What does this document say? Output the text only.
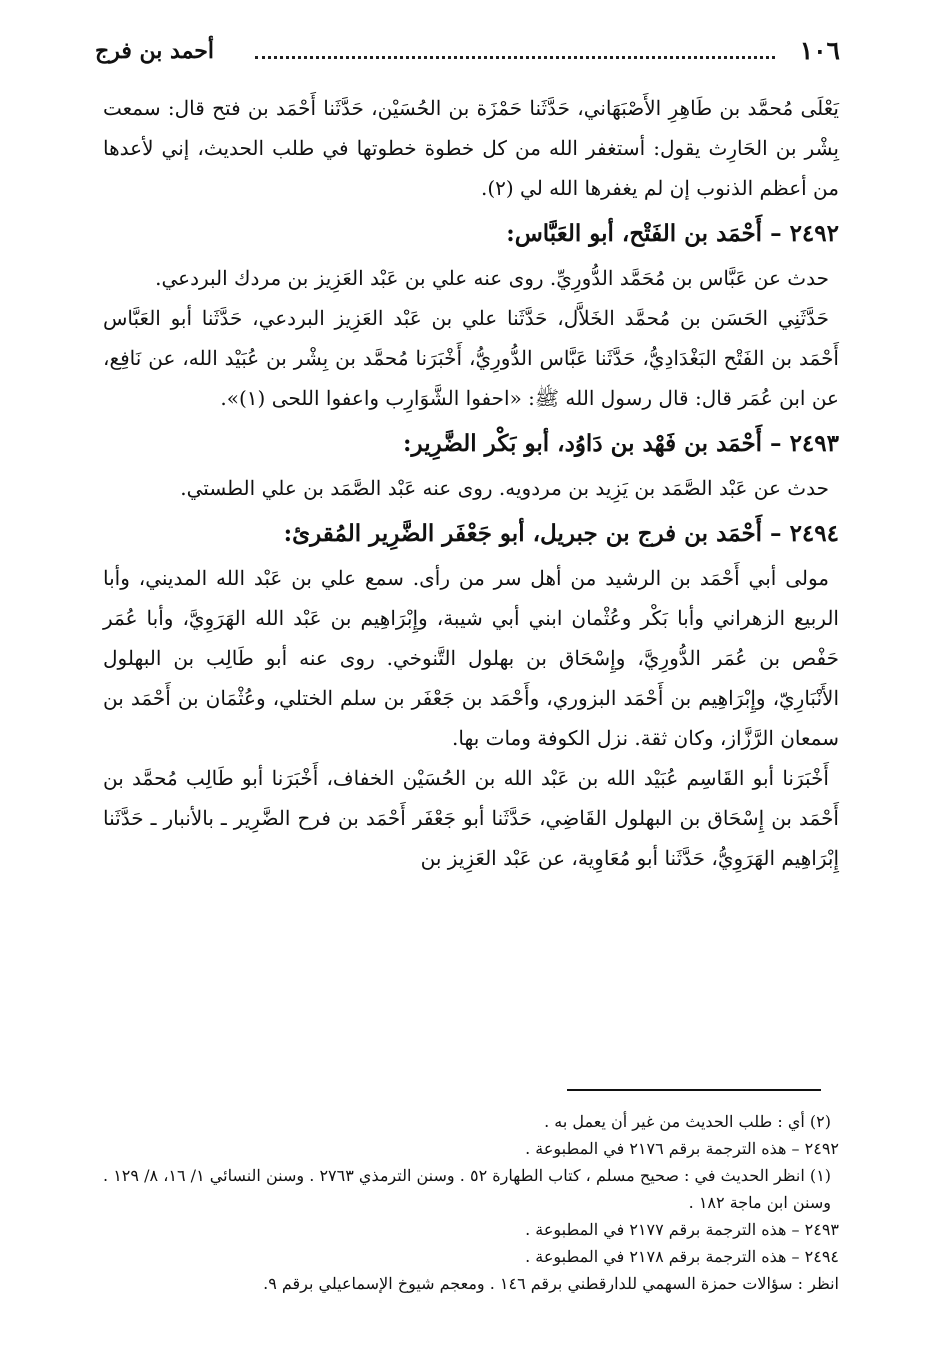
١٠٦
أحمد بن فرج

يَعْلَى مُحمَّد بن طَاهِرِ الأَصْبَهَاني، حَدَّثَنا حَمْزَة بن الحُسَيْن، حَدَّثَنا أَحْمَد بن فتح قال: سمعت بِشْر بن الحَارِث يقول: أستغفر الله من كل خطوة خطوتها في طلب الحديث، إني لأعدها من أعظم الذنوب إن لم يغفرها الله لي (٢).

٢٤٩٢ – أَحْمَد بن الفَتْح، أبو العَبَّاس:

حدث عن عَبَّاس بن مُحَمَّد الدُّورِيِّ. روى عنه علي بن عَبْد العَزِيز بن مردك البردعي.

حَدَّثَنِي الحَسَن بن مُحمَّد الخَلاَّل، حَدَّثَنا علي بن عَبْد العَزِيز البردعي، حَدَّثَنا أبو العَبَّاس أَحْمَد بن الفَتْح البَغْدَادِيُّ، حَدَّثَنا عَبَّاس الدُّورِيُّ، أَخْبَرَنا مُحمَّد بن بِشْر بن عُبَيْد الله، عن نَافِع، عن ابن عُمَر قال: قال رسول الله ﷺ: «احفوا الشَّوَارِب واعفوا اللحى (١)».

٢٤٩٣ – أَحْمَد بن فَهْد بن دَاوُد، أبو بَكْر الضَّرِير:

حدث عن عَبْد الصَّمَد بن يَزِيد بن مردويه. روى عنه عَبْد الصَّمَد بن علي الطستي.

٢٤٩٤ – أَحْمَد بن فرج بن جبريل، أبو جَعْفَر الضَّرِير المُقرئ:

مولى أبي أَحْمَد بن الرشيد من أهل سر من رأى. سمع علي بن عَبْد الله المديني، وأبا الربيع الزهراني وأبا بَكْر وعُثْمان ابني أبي شيبة، وإِبْرَاهِيم بن عَبْد الله الهَرَوِيَّ، وأبا عُمَر حَفْص بن عُمَر الدُّورِيَّ، وإِسْحَاق بن بهلول التَّنوخي. روى عنه أبو طَالِب بن البهلول الأَنْبَارِيّ، وإِبْرَاهِيم بن أَحْمَد البزوري، وأَحْمَد بن جَعْفَر بن سلم الختلي، وعُثْمَان بن أَحْمَد بن سمعان الرَّزَّاز، وكان ثقة. نزل الكوفة ومات بها.

أَخْبَرَنا أبو القَاسِم عُبَيْد الله بن عَبْد الله بن الحُسَيْن الخفاف، أَخْبَرَنا أبو طَالِب مُحمَّد بن أَحْمَد بن إِسْحَاق بن البهلول القَاضِي، حَدَّثَنا أبو جَعْفَر أَحْمَد بن فرح الضَّرِير ـ بالأنبار ـ حَدَّثَنا إِبْرَاهِيم الهَرَوِيُّ، حَدَّثَنا أبو مُعَاوِية، عن عَبْد العَزِيز بن

(٢) أي : طلب الحديث من غير أن يعمل به .

٢٤٩٢ – هذه الترجمة برقم ٢١٧٦ في المطبوعة .

(١) انظر الحديث في : صحيح مسلم ، كتاب الطهارة ٥٢ . وسنن الترمذي ٢٧٦٣ . وسنن النسائي ١/ ١٦، ٨/ ١٢٩ . وسنن ابن ماجة ١٨٢ .

٢٤٩٣ – هذه الترجمة برقم ٢١٧٧ في المطبوعة .

٢٤٩٤ – هذه الترجمة برقم ٢١٧٨ في المطبوعة .

انظر : سؤالات حمزة السهمي للدارقطني برقم ١٤٦ . ومعجم شيوخ الإسماعيلي برقم ٩.
